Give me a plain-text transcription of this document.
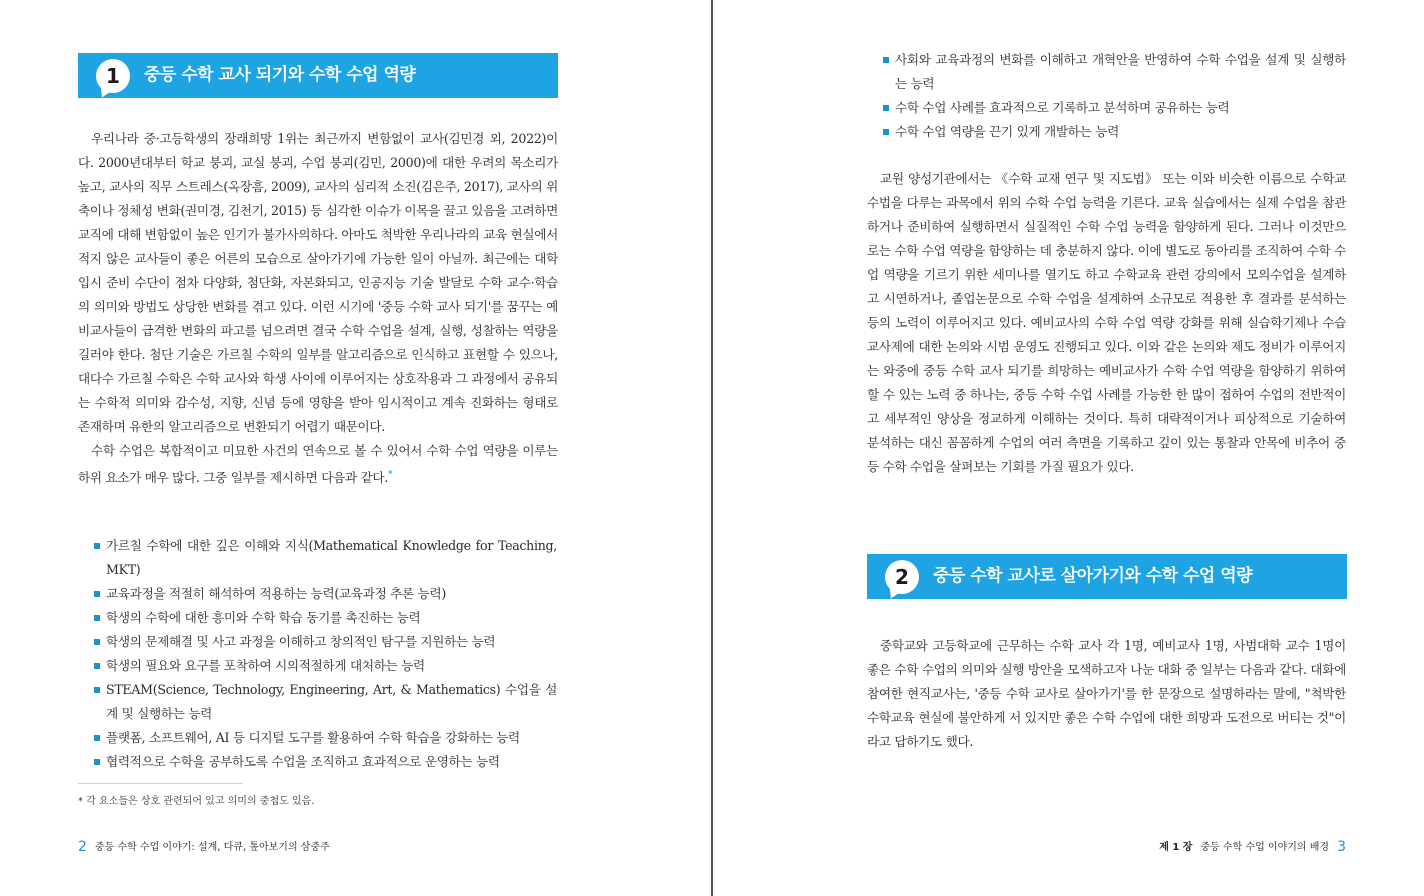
1	중등 수학 교사 되기와 수학 수업 역량

우리나라 중·고등학생의 장래희망 1위는 최근까지 변함없이 교사(김민경 외, 2022)이다. 2000년대부터 학교 붕괴, 교실 붕괴, 수업 붕괴(김민, 2000)에 대한 우려의 목소리가 높고, 교사의 직무 스트레스(옥장흠, 2009), 교사의 심리적 소진(김은주, 2017), 교사의 위축이나 정체성 변화(권미경, 김천기, 2015) 등 심각한 이슈가 이목을 끌고 있음을 고려하면 교직에 대해 변함없이 높은 인기가 불가사의하다. 아마도 척박한 우리나라의 교육 현실에서 적지 않은 교사들이 좋은 어른의 모습으로 살아가기에 가능한 일이 아닐까. 최근에는 대학입시 준비 수단이 점차 다양화, 첨단화, 자본화되고, 인공지능 기술 발달로 수학 교수·학습의 의미와 방법도 상당한 변화를 겪고 있다. 이런 시기에 '중등 수학 교사 되기'를 꿈꾸는 예비교사들이 급격한 변화의 파고를 넘으려면 결국 수학 수업을 설계, 실행, 성찰하는 역량을 길러야 한다. 첨단 기술은 가르칠 수학의 일부를 알고리즘으로 인식하고 표현할 수 있으나, 대다수 가르칠 수학은 수학 교사와 학생 사이에 이루어지는 상호작용과 그 과정에서 공유되는 수학적 의미와 감수성, 지향, 신념 등에 영향을 받아 임시적이고 계속 진화하는 형태로 존재하며 유한의 알고리즘으로 변환되기 어렵기 때문이다.

수학 수업은 복합적이고 미묘한 사건의 연속으로 볼 수 있어서 수학 수업 역량을 이루는 하위 요소가 매우 많다. 그중 일부를 제시하면 다음과 같다.*

가르칠 수학에 대한 깊은 이해와 지식(Mathematical Knowledge for Teaching, MKT)
교육과정을 적절히 해석하여 적용하는 능력(교육과정 추론 능력)
학생의 수학에 대한 흥미와 수학 학습 동기를 촉진하는 능력
학생의 문제해결 및 사고 과정을 이해하고 창의적인 탐구를 지원하는 능력
학생의 필요와 요구를 포착하여 시의적절하게 대처하는 능력
STEAM(Science, Technology, Engineering, Art, & Mathematics) 수업을 설계 및 실행하는 능력
플랫폼, 소프트웨어, AI 등 디지털 도구를 활용하여 수학 학습을 강화하는 능력
협력적으로 수학을 공부하도록 수업을 조직하고 효과적으로 운영하는 능력
* 각 요소들은 상호 관련되어 있고 의미의 중첩도 있음.
2 중등 수학 수업 이야기: 설계, 다큐, 톺아보기의 삼중주
사회와 교육과정의 변화를 이해하고 개혁안을 반영하여 수학 수업을 설계 및 실행하는 능력
수학 수업 사례를 효과적으로 기록하고 분석하며 공유하는 능력
수학 수업 역량을 끈기 있게 개발하는 능력

교원 양성기관에서는 《수학 교재 연구 및 지도법》 또는 이와 비슷한 이름으로 수학교수법을 다루는 과목에서 위의 수학 수업 능력을 기른다. 교육 실습에서는 실제 수업을 참관하거나 준비하여 실행하면서 실질적인 수학 수업 능력을 함양하게 된다. 그러나 이것만으로는 수학 수업 역량을 함양하는 데 충분하지 않다. 이에 별도로 동아리를 조직하여 수학 수업 역량을 기르기 위한 세미나를 열기도 하고 수학교육 관련 강의에서 모의수업을 설계하고 시연하거나, 졸업논문으로 수학 수업을 설계하여 소규모로 적용한 후 결과를 분석하는 등의 노력이 이루어지고 있다. 예비교사의 수학 수업 역량 강화를 위해 실습학기제나 수습교사제에 대한 논의와 시범 운영도 진행되고 있다. 이와 같은 논의와 제도 정비가 이루어지는 와중에 중등 수학 교사 되기를 희망하는 예비교사가 수학 수업 역량을 함양하기 위하여 할 수 있는 노력 중 하나는, 중등 수학 수업 사례를 가능한 한 많이 접하여 수업의 전반적이고 세부적인 양상을 정교하게 이해하는 것이다. 특히 대략적이거나 피상적으로 기술하여 분석하는 대신 꼼꼼하게 수업의 여러 측면을 기록하고 깊이 있는 통찰과 안목에 비추어 중등 수학 수업을 살펴보는 기회를 가질 필요가 있다.

2	중등 수학 교사로 살아가기와 수학 수업 역량

중학교와 고등학교에 근무하는 수학 교사 각 1명, 예비교사 1명, 사범대학 교수 1명이 좋은 수학 수업의 의미와 실행 방안을 모색하고자 나눈 대화 중 일부는 다음과 같다. 대화에 참여한 현직교사는, '중등 수학 교사로 살아가기'를 한 문장으로 설명하라는 말에, "척박한 수학교육 현실에 불안하게 서 있지만 좋은 수학 수업에 대한 희망과 도전으로 버티는 것"이라고 답하기도 했다.

제 1 장 중등 수학 수업 이야기의 배경 3
